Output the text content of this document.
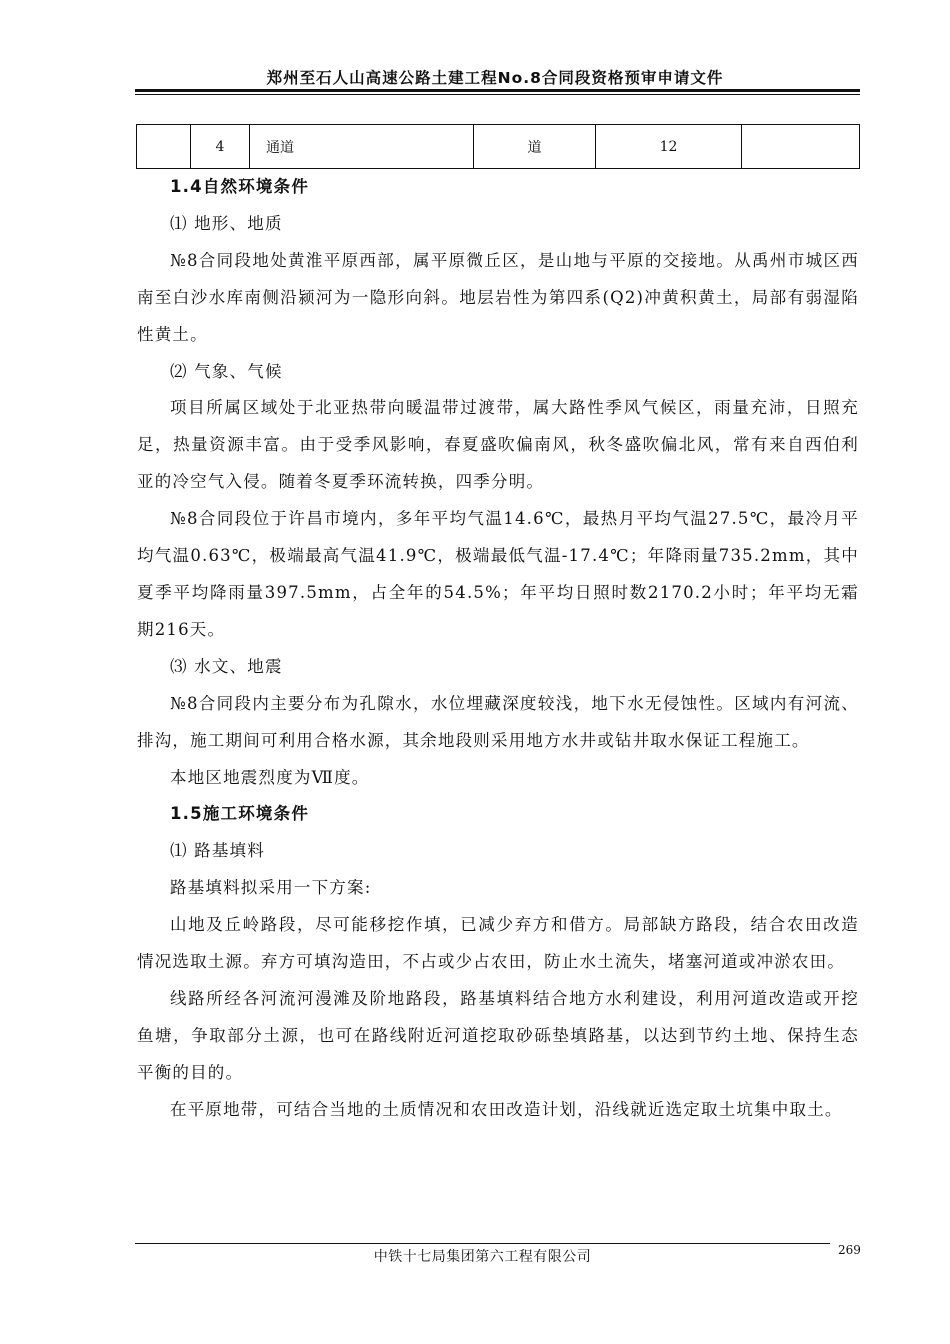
郑州至石人山高速公路土建工程No.8合同段资格预审申请文件
	4	通道	道	12	

1.4自然环境条件

⑴ 地形、地质

№8合同段地处黄淮平原西部，属平原微丘区，是山地与平原的交接地。从禹州市城区西南至白沙水库南侧沿颍河为一隐形向斜。地层岩性为第四系(Q2)冲黄积黄土，局部有弱湿陷性黄土。

⑵ 气象、气候

项目所属区域处于北亚热带向暖温带过渡带，属大路性季风气候区，雨量充沛，日照充足，热量资源丰富。由于受季风影响，春夏盛吹偏南风，秋冬盛吹偏北风，常有来自西伯利亚的冷空气入侵。随着冬夏季环流转换，四季分明。

№8合同段位于许昌市境内，多年平均气温14.6℃，最热月平均气温27.5℃，最冷月平均气温0.63℃，极端最高气温41.9℃，极端最低气温-17.4℃；年降雨量735.2mm，其中夏季平均降雨量397.5mm，占全年的54.5%；年平均日照时数2170.2小时；年平均无霜期216天。

⑶ 水文、地震

№8合同段内主要分布为孔隙水，水位埋藏深度较浅，地下水无侵蚀性。区域内有河流、排沟，施工期间可利用合格水源，其余地段则采用地方水井或钻井取水保证工程施工。

本地区地震烈度为Ⅶ度。

1.5施工环境条件

⑴ 路基填料

路基填料拟采用一下方案:

山地及丘岭路段，尽可能移挖作填，已减少弃方和借方。局部缺方路段，结合农田改造情况选取土源。弃方可填沟造田，不占或少占农田，防止水土流失，堵塞河道或冲淤农田。

线路所经各河流河漫滩及阶地路段，路基填料结合地方水利建设，利用河道改造或开挖鱼塘，争取部分土源，也可在路线附近河道挖取砂砾垫填路基，以达到节约土地、保持生态平衡的目的。

在平原地带，可结合当地的土质情况和农田改造计划，沿线就近选定取土坑集中取土。

中铁十七局集团第六工程有限公司	269
